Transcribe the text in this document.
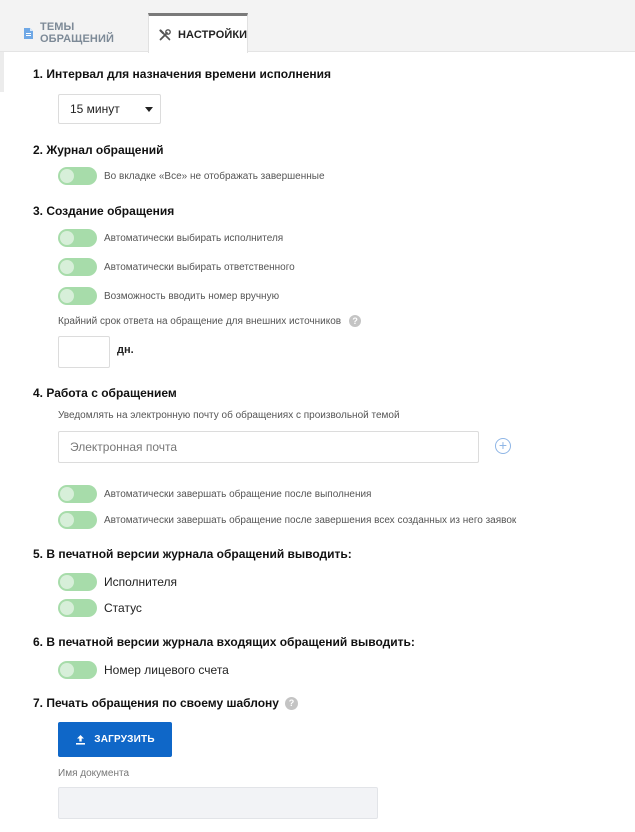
ТЕМЫ ОБРАЩЕНИЙ	НАСТРОЙКИ
1. Интервал для назначения времени исполнения
15 минут
2. Журнал обращений
Во вкладке «Все» не отображать завершенные
3. Создание обращения
Автоматически выбирать исполнителя
Автоматически выбирать ответственного
Возможность вводить номер вручную
Крайний срок ответа на обращение для внешних источников ?
дн.
4. Работа с обращением
Уведомлять на электронную почту об обращениях с произвольной темой
Электронная почта
+
Автоматически завершать обращение после выполнения
Автоматически завершать обращение после завершения всех созданных из него заявок
5. В печатной версии журнала обращений выводить:
Исполнителя
Статус
6. В печатной версии журнала входящих обращений выводить:
Номер лицевого счета
7. Печать обращения по своему шаблону ?
ЗАГРУЗИТЬ
Имя документа
